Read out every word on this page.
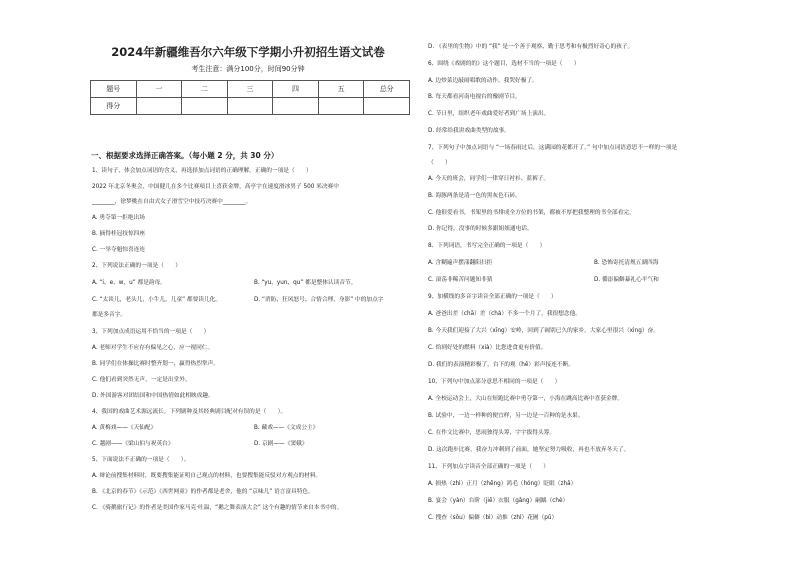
2024年新疆维吾尔六年级下学期小升初招生语文试卷
考生注意：满分100分，时间90分钟
题号	一	二	三	四	五	总分
得分						
一、根据要求选择正确答案。（每小题 2 分，共 30 分）
1、读句子，体会加点词语的含义，再选择加点词语的正确理解，正确的一项是（　　）
2022 年北京冬奥会，中国健儿在多个比赛项目上喜获金牌，高亭宇在速度滑冰男子 500 米决赛中
________，徐梦桃在自由式女子滑雪空中技巧决赛中________。
A. 勇夺第一拒绝出场
B. 摘得桂冠技惊四座
C. 一举夺魁惊喜连连
2、下列说法正确的一项是（　　）
A. “i、e、w、u” 都是韵母。	B. “yu、yun、qu” 都是整体认读音节。
C. “太谈儿，老头儿，小牛儿，儿童” 都要读儿化。	D. “消防、狂风怒号、合情合理、身影” 中的加点字
都是多音字。
3、下列加点成语运用不恰当的一项是（　　）
A. 老师对学生不应存有偏见之心，应一视同仁。
B. 同学们在体操比赛时整齐划一，赢得热烈掌声。
C. 他们看到突然无声，一定是出堂外。
D. 外国游客对团结国和中国热情如此相映成趣。
4、我国的戏曲艺术源远流长。下列剧种及其经典剧目配对有误的是（　　）。
A. 黄梅戏——《天仙配》	B. 藏戏——《文成公主》
C. 越剧——《梁山伯与祝英台》	D. 京剧——《窦娥》
5、下面说法不正确的一项是（　　）。
A. 辩论前搜集材料时，既要搜集能证明自己观点的材料，也要搜集能反驳对方观点的材料。
B. 《北京的春节》《示范》《西世网童》的作者都是老舍，他的 “京味儿” 语言富具特色。
C. 《骑鹅旅行记》的作者是美国作家马克·吐温，“鹅之舞表演大会” 这个有趣的情节来自本书中的。
D. 《表里的生物》中的 “我” 是一个善于观察、勤于思考和有极烈好奇心的孩子。
6、围绕《戏剧的的》这个题目，选材不当的一项是（　　）
A. 边炒菜边敲闹唱歌的动作，我哭好极了。
B. 每天都看河南电视台的豫剧节目。
C. 节日里，组织老年戏曲爱好者到广场上演出。
D. 经常给我讲戏曲类型的故事。
7、下列句子中加点词语与 “一场春雨过后，这满园的花都开了。” 句中加点词语意思不一样的一项是
（　　）
A. 今天的班会，同学们一律穿日衬衫、蓝裤子。
B. 海豚两条是清一色的黑灰色石砖。
C. 他很爱看书，书架里的书排成全方位的书架，都被不厚把我整理的书全部看完。
D. 你记得，没事的时候多跟姐姐通电话。
8、下列词语，书写完全正确的一项是（　　）
A. 含糊遍声摆漾翻阳扫拒	B. 恐怖寄托清规五湖四海
C. 滚荡非稀苦问题知非猜	D. 循添偏僻暴礼心平气和
9、加横线的多音字读音全部正确的一项是（　　）
A. 爸爸出差（chā）差（chà）不多一个月了，我很想念他。
B. 今天我们迎接了大兴（xīng）安岭，回到了阔别已久的家乡，大家心里很兴（xìng）奋。
C. 恰到好处的燃料（xià）比您进食更有价值。
D. 我们的表演精彩极了，台下的观（hē）彩声接连不断。
10、下列句中加点部分意思不相同的一项是（　　）
A. 全校运动会上，大山在短跑比赛中勇夺第一，小海在跳高比赛中喜获金牌。
B. 试验中，一边一样种的便宜样，另一边是一百种的是水果。
C. 在作文比赛中，思雨独得头筹，宇宇拔得头筹。
D. 这次跑步比赛，我奋力冲刺到了前面，她坚定努力吸收，再也不放弃冬天了。
11、下列加点字读音全部正确的一项是（　　）
A. 损热（zhì）正月（zhēng）鸿毛（hóng）眨眼（zhǎ）
B. 宴会（yàn）台阶（jiē）衣服（gǎng）嗣踽（chè）
C. 搜查（sōu）偏僻（bì）动推（zhì）花圃（pǔ）
